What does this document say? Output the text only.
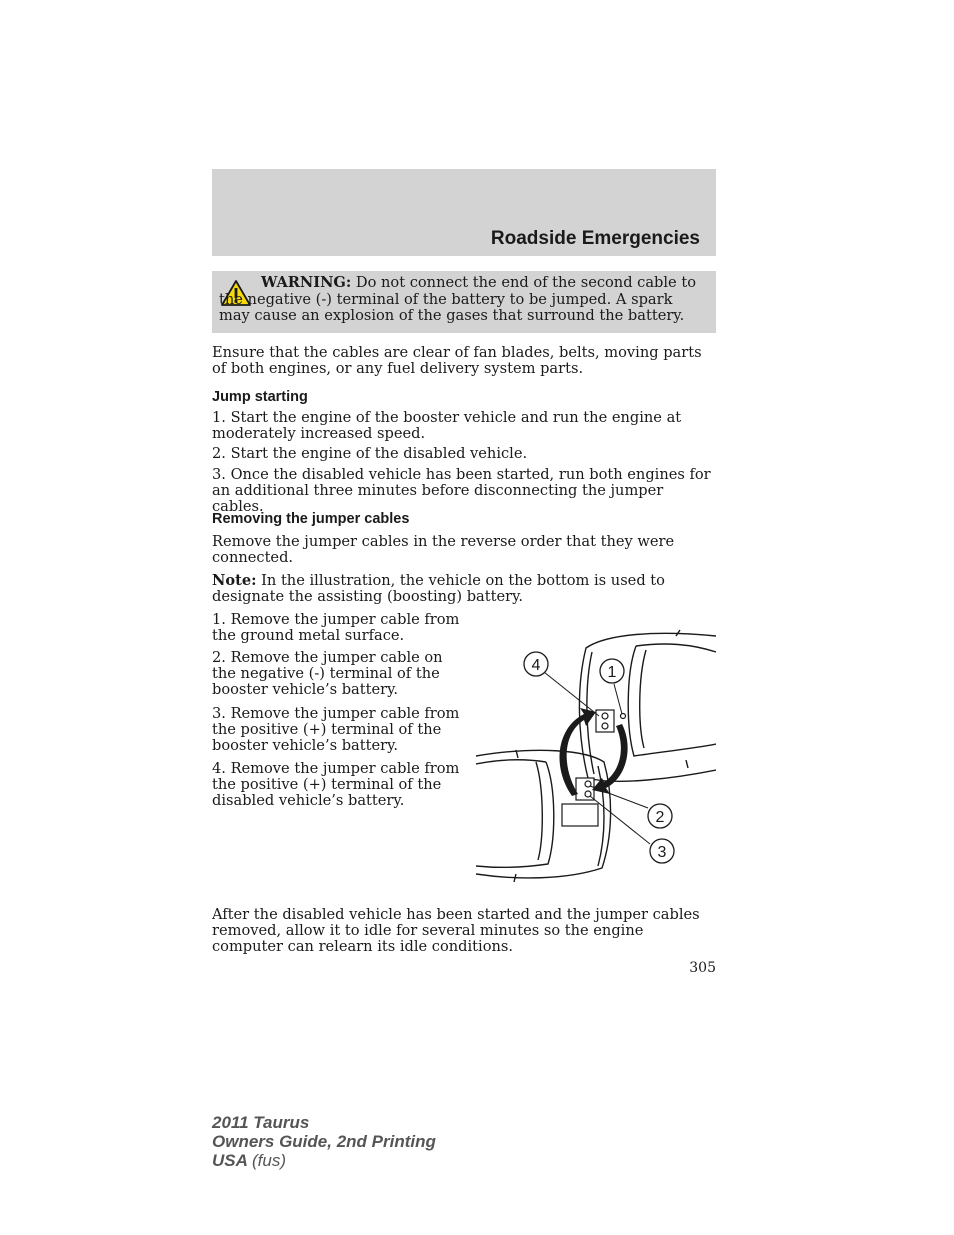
Roadside Emergencies
WARNING: Do not connect the end of the second cable to the negative (-) terminal of the battery to be jumped. A spark may cause an explosion of the gases that surround the battery.

Ensure that the cables are clear of fan blades, belts, moving parts of both engines, or any fuel delivery system parts.

Jump starting

1. Start the engine of the booster vehicle and run the engine at moderately increased speed.

2. Start the engine of the disabled vehicle.

3. Once the disabled vehicle has been started, run both engines for an additional three minutes before disconnecting the jumper cables.

Removing the jumper cables

Remove the jumper cables in the reverse order that they were connected.

Note: In the illustration, the vehicle on the bottom is used to designate the assisting (boosting) battery.

1. Remove the jumper cable from the ground metal surface.

2. Remove the jumper cable on the negative (-) terminal of the booster vehicle’s battery.

3. Remove the jumper cable from the positive (+) terminal of the booster vehicle’s battery.

4. Remove the jumper cable from the positive (+) terminal of the disabled vehicle’s battery.

4	1
2
3

After the disabled vehicle has been started and the jumper cables removed, allow it to idle for several minutes so the engine computer can relearn its idle conditions.

305
2011 Taurus
Owners Guide, 2nd Printing
USA (fus)
